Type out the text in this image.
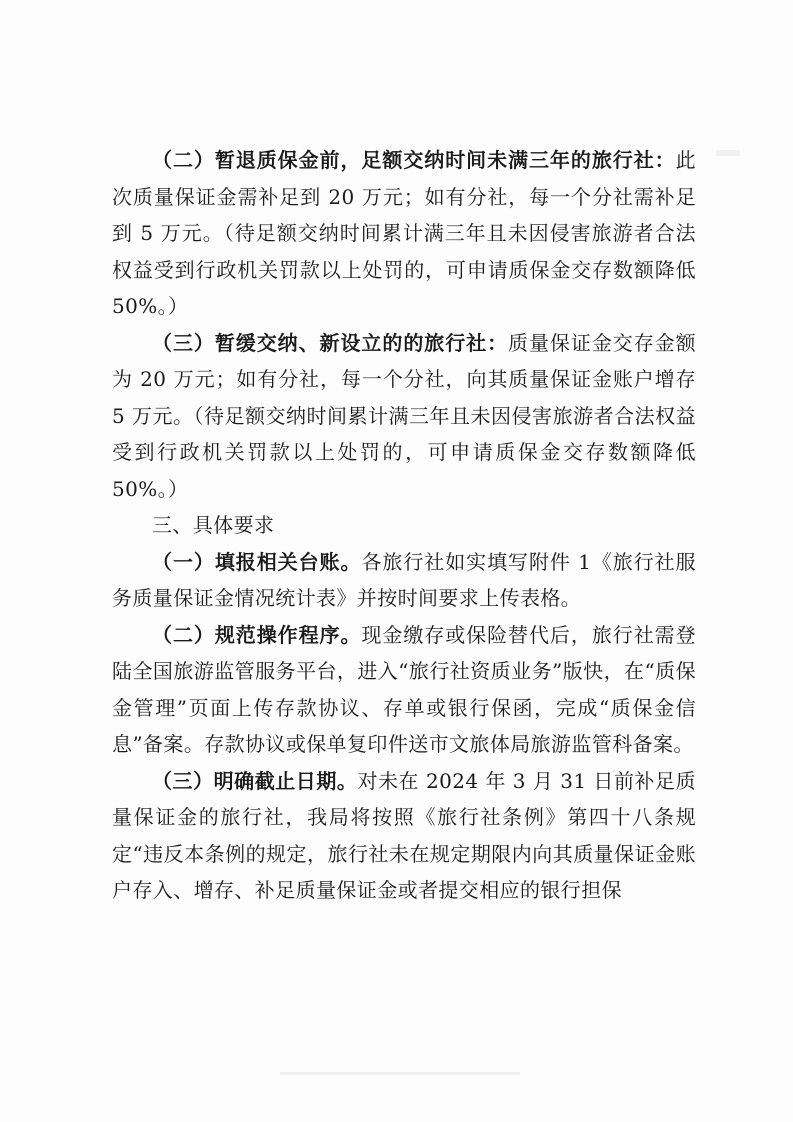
（二）暂退质保金前，足额交纳时间未满三年的旅行社：此次质量保证金需补足到 20 万元；如有分社，每一个分社需补足到 5 万元。（待足额交纳时间累计满三年且未因侵害旅游者合法权益受到行政机关罚款以上处罚的，可申请质保金交存数额降低 50%。）

（三）暂缓交纳、新设立的的旅行社：质量保证金交存金额为 20 万元；如有分社，每一个分社，向其质量保证金账户增存 5 万元。（待足额交纳时间累计满三年且未因侵害旅游者合法权益受到行政机关罚款以上处罚的，可申请质保金交存数额降低 50%。）

三、具体要求

（一）填报相关台账。各旅行社如实填写附件 1《旅行社服务质量保证金情况统计表》并按时间要求上传表格。

（二）规范操作程序。现金缴存或保险替代后，旅行社需登陆全国旅游监管服务平台，进入“旅行社资质业务”版快，在“质保金管理”页面上传存款协议、存单或银行保函，完成“质保金信息”备案。存款协议或保单复印件送市文旅体局旅游监管科备案。

（三）明确截止日期。对未在 2024 年 3 月 31 日前补足质量保证金的旅行社，我局将按照《旅行社条例》第四十八条规定“违反本条例的规定，旅行社未在规定期限内向其质量保证金账户存入、增存、补足质量保证金或者提交相应的银行担保
